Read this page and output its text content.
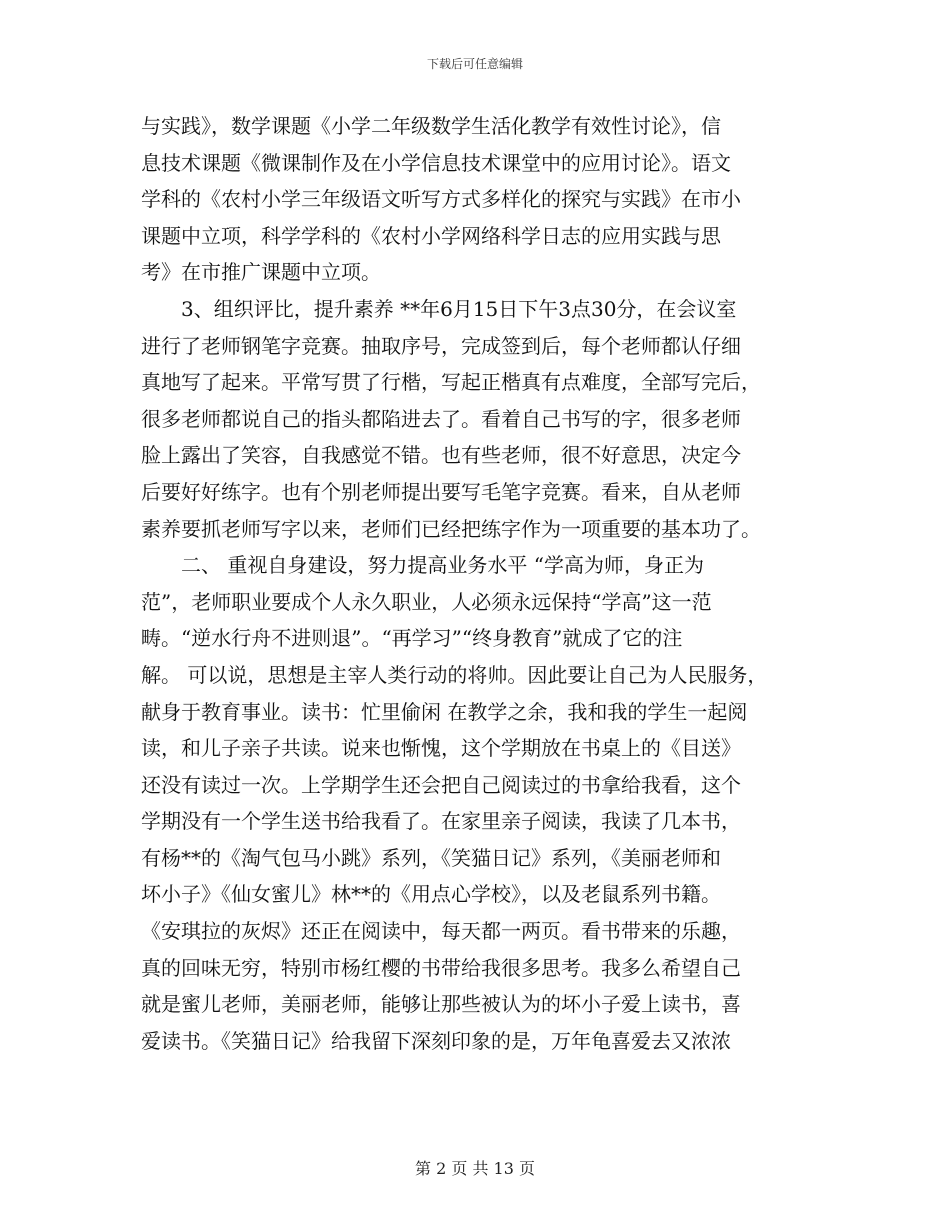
下载后可任意编辑
与实践》，数学课题《小学二年级数学生活化教学有效性讨论》，信
息技术课题《微课制作及在小学信息技术课堂中的应用讨论》。语文
学科的《农村小学三年级语文听写方式多样化的探究与实践》在市小
课题中立项，科学学科的《农村小学网络科学日志的应用实践与思
考》在市推广课题中立项。
　　3、组织评比，提升素养 **年6月15日下午3点30分，在会议室
进行了老师钢笔字竞赛。抽取序号，完成签到后，每个老师都认仔细
真地写了起来。平常写贯了行楷，写起正楷真有点难度，全部写完后，
很多老师都说自己的指头都陷进去了。看着自己书写的字，很多老师
脸上露出了笑容，自我感觉不错。也有些老师，很不好意思，决定今
后要好好练字。也有个别老师提出要写毛笔字竞赛。看来，自从老师
素养要抓老师写字以来，老师们已经把练字作为一项重要的基本功了。
　　二、 重视自身建设，努力提高业务水平 “学高为师，身正为
范”，老师职业要成个人永久职业，人必须永远保持“学高”这一范
畴。“逆水行舟不进则退”。“再学习”“终身教育”就成了它的注
解。 可以说，思想是主宰人类行动的将帅。因此要让自己为人民服务，
献身于教育事业。读书：忙里偷闲 在教学之余，我和我的学生一起阅
读，和儿子亲子共读。说来也惭愧，这个学期放在书桌上的《目送》
还没有读过一次。上学期学生还会把自己阅读过的书拿给我看，这个
学期没有一个学生送书给我看了。在家里亲子阅读，我读了几本书，
有杨**的《淘气包马小跳》系列，《笑猫日记》系列，《美丽老师和
坏小子》《仙女蜜儿》林**的《用点心学校》，以及老鼠系列书籍。
《安琪拉的灰烬》还正在阅读中，每天都一两页。看书带来的乐趣，
真的回味无穷，特别市杨红樱的书带给我很多思考。我多么希望自己
就是蜜儿老师，美丽老师，能够让那些被认为的坏小子爱上读书，喜
爱读书。《笑猫日记》给我留下深刻印象的是，万年龟喜爱去又浓浓
第 2 页 共 13 页
